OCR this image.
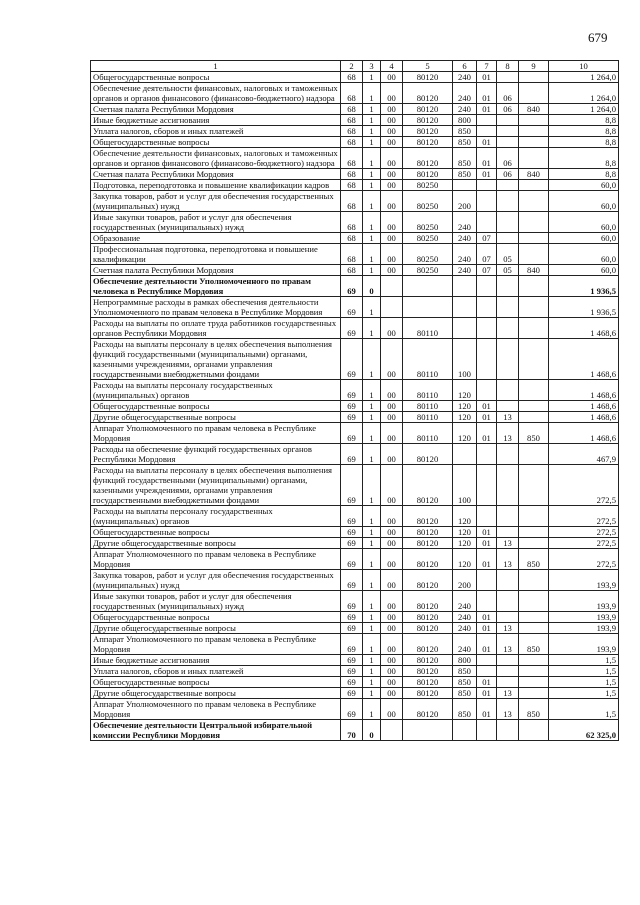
679
1	2	3	4	5	6	7	8	9	10
Общегосударственные вопросы	68	1	00	80120	240	01			1 264,0
Обеспечение деятельности финансовых, налоговых и таможенных органов и органов финансового (финансово-бюджетного) надзора	68	1	00	80120	240	01	06		1 264,0
Счетная палата Республики Мордовия	68	1	00	80120	240	01	06	840	1 264,0
Иные бюджетные ассигнования	68	1	00	80120	800				8,8
Уплата налогов, сборов и иных платежей	68	1	00	80120	850				8,8
Общегосударственные вопросы	68	1	00	80120	850	01			8,8
Обеспечение деятельности финансовых, налоговых и таможенных органов и органов финансового (финансово-бюджетного) надзора	68	1	00	80120	850	01	06		8,8
Счетная палата Республики Мордовия	68	1	00	80120	850	01	06	840	8,8
Подготовка, переподготовка и повышение квалификации кадров	68	1	00	80250					60,0
Закупка товаров, работ и услуг для обеспечения государственных (муниципальных) нужд	68	1	00	80250	200				60,0
Иные закупки товаров, работ и услуг для обеспечения государственных (муниципальных) нужд	68	1	00	80250	240				60,0
Образование	68	1	00	80250	240	07			60,0
Профессиональная подготовка, переподготовка и повышение квалификации	68	1	00	80250	240	07	05		60,0
Счетная палата Республики Мордовия	68	1	00	80250	240	07	05	840	60,0
Обеспечение деятельности Уполномоченного по правам человека в Республике Мордовия	69	0							1 936,5
Непрограммные расходы в рамках обеспечения деятельности Уполномоченного по правам человека в Республике Мордовия	69	1							1 936,5
Расходы на выплаты по оплате труда работников государственных органов Республики Мордовия	69	1	00	80110					1 468,6
Расходы на выплаты персоналу в целях обеспечения выполнения функций государственными (муниципальными) органами, казенными учреждениями, органами управления государственными внебюджетными фондами	69	1	00	80110	100				1 468,6
Расходы на выплаты персоналу государственных (муниципальных) органов	69	1	00	80110	120				1 468,6
Общегосударственные вопросы	69	1	00	80110	120	01			1 468,6
Другие общегосударственные вопросы	69	1	00	80110	120	01	13		1 468,6
Аппарат Уполномоченного по правам человека в Республике Мордовия	69	1	00	80110	120	01	13	850	1 468,6
Расходы на обеспечение функций государственных органов Республики Мордовия	69	1	00	80120					467,9
Расходы на выплаты персоналу в целях обеспечения выполнения функций государственными (муниципальными) органами, казенными учреждениями, органами управления государственными внебюджетными фондами	69	1	00	80120	100				272,5
Расходы на выплаты персоналу государственных (муниципальных) органов	69	1	00	80120	120				272,5
Общегосударственные вопросы	69	1	00	80120	120	01			272,5
Другие общегосударственные вопросы	69	1	00	80120	120	01	13		272,5
Аппарат Уполномоченного по правам человека в Республике Мордовия	69	1	00	80120	120	01	13	850	272,5
Закупка товаров, работ и услуг для обеспечения государственных (муниципальных) нужд	69	1	00	80120	200				193,9
Иные закупки товаров, работ и услуг для обеспечения государственных (муниципальных) нужд	69	1	00	80120	240				193,9
Общегосударственные вопросы	69	1	00	80120	240	01			193,9
Другие общегосударственные вопросы	69	1	00	80120	240	01	13		193,9
Аппарат Уполномоченного по правам человека в Республике Мордовия	69	1	00	80120	240	01	13	850	193,9
Иные бюджетные ассигнования	69	1	00	80120	800				1,5
Уплата налогов, сборов и иных платежей	69	1	00	80120	850				1,5
Общегосударственные вопросы	69	1	00	80120	850	01			1,5
Другие общегосударственные вопросы	69	1	00	80120	850	01	13		1,5
Аппарат Уполномоченного по правам человека в Республике Мордовия	69	1	00	80120	850	01	13	850	1,5
Обеспечение деятельности Центральной избирательной комиссии Республики Мордовия	70	0							62 325,0
